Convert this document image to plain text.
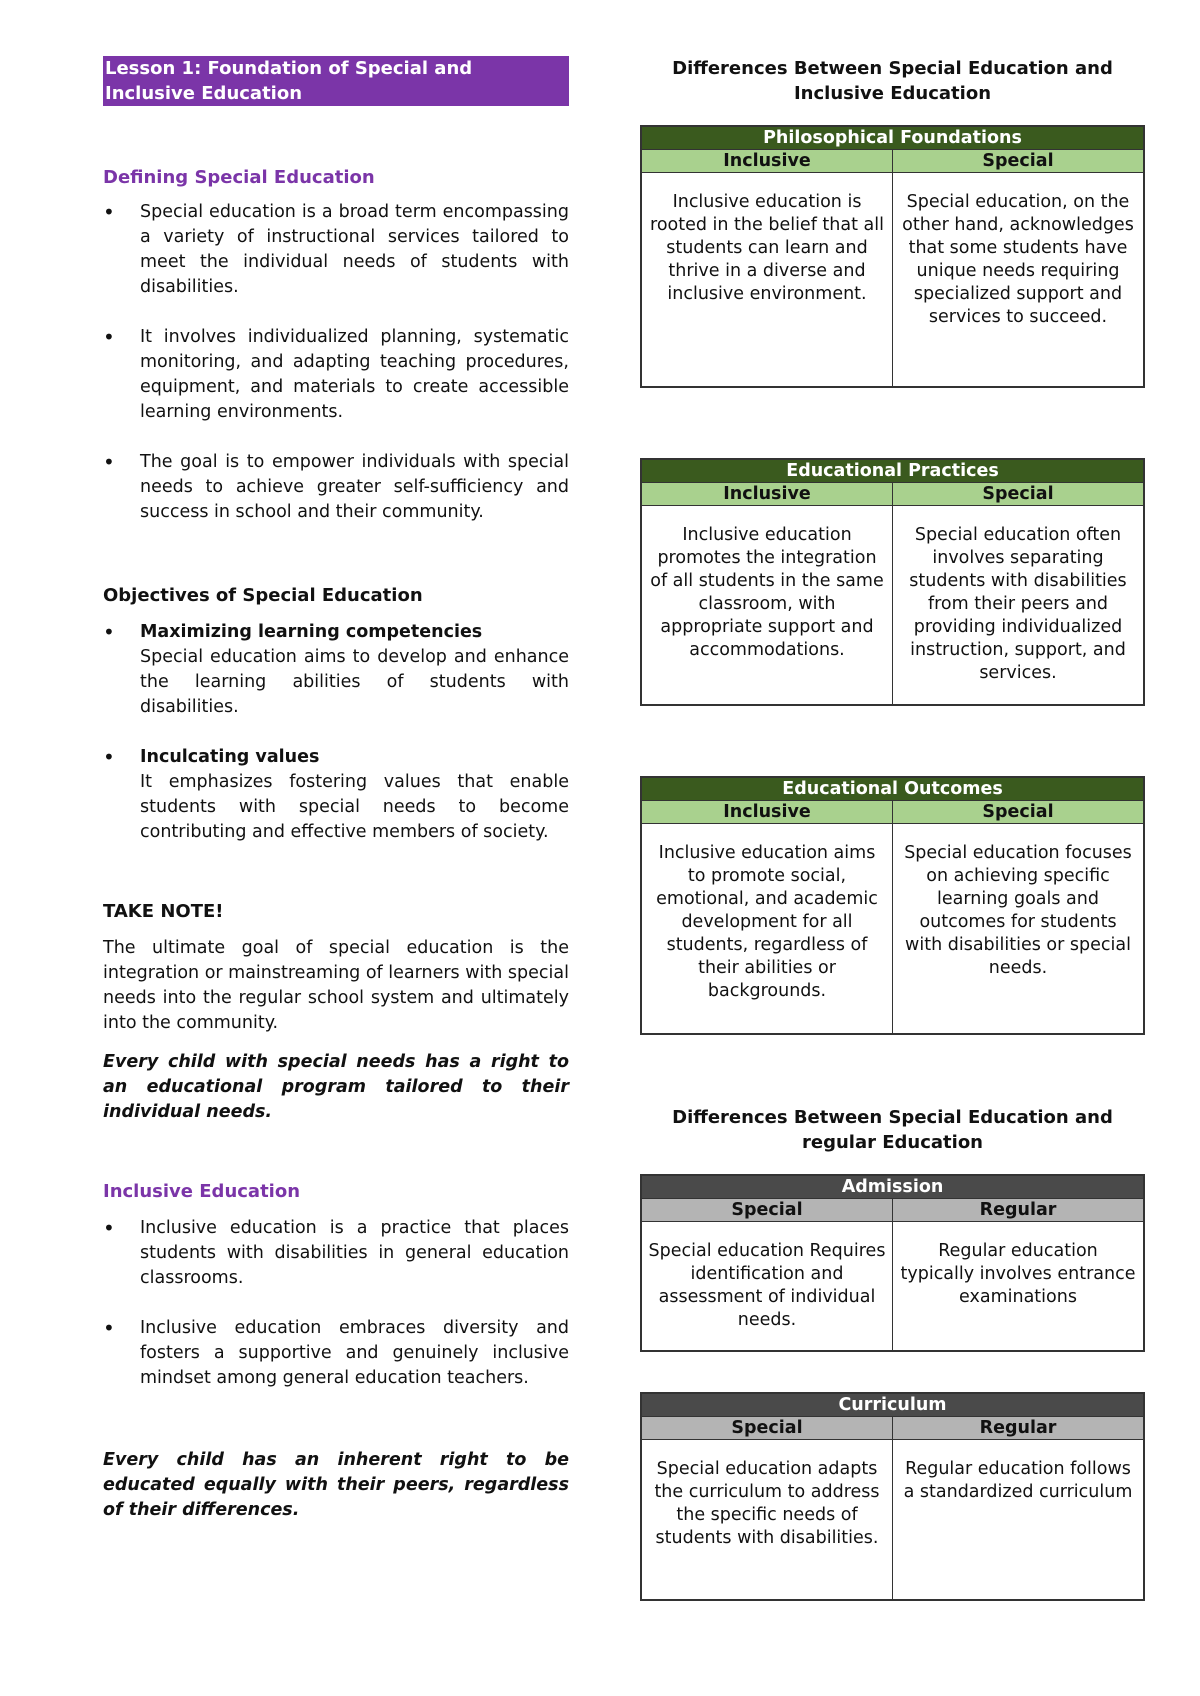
Lesson 1: Foundation of Special and Inclusive Education

Defining Special Education

• Special education is a broad term encompassing a variety of instructional services tailored to meet the individual needs of students with disabilities.
• It involves individualized planning, systematic monitoring, and adapting teaching procedures, equipment, and materials to create accessible learning environments.
• The goal is to empower individuals with special needs to achieve greater self-sufficiency and success in school and their community.

Objectives of Special Education

• Maximizing learning competencies
Special education aims to develop and enhance the learning abilities of students with disabilities.
• Inculcating values
It emphasizes fostering values that enable students with special needs to become contributing and effective members of society.

TAKE NOTE!

The ultimate goal of special education is the integration or mainstreaming of learners with special needs into the regular school system and ultimately into the community.

Every child with special needs has a right to an educational program tailored to their individual needs.

Inclusive Education

• Inclusive education is a practice that places students with disabilities in general education classrooms.
• Inclusive education embraces diversity and fosters a supportive and genuinely inclusive mindset among general education teachers.

Every child has an inherent right to be educated equally with their peers, regardless of their differences.

Differences Between Special Education and Inclusive Education

Philosophical Foundations	
Inclusive	Special
Inclusive education is rooted in the belief that all students can learn and thrive in a diverse and inclusive environment.	Special education, on the other hand, acknowledges that some students have unique needs requiring specialized support and services to succeed.
Educational Practices	
Inclusive	Special
Inclusive education promotes the integration of all students in the same classroom, with appropriate support and accommodations.	Special education often involves separating students with disabilities from their peers and providing individualized instruction, support, and services.
Educational Outcomes	
Inclusive	Special
Inclusive education aims to promote social, emotional, and academic development for all students, regardless of their abilities or backgrounds.	Special education focuses on achieving specific learning goals and outcomes for students with disabilities or special needs.

Differences Between Special Education and regular Education

Admission	
Special	Regular
Special education Requires identification and assessment of individual needs.	Regular education typically involves entrance examinations
Curriculum	
Special	Regular
Special education adapts the curriculum to address the specific needs of students with disabilities.	Regular education follows a standardized curriculum
